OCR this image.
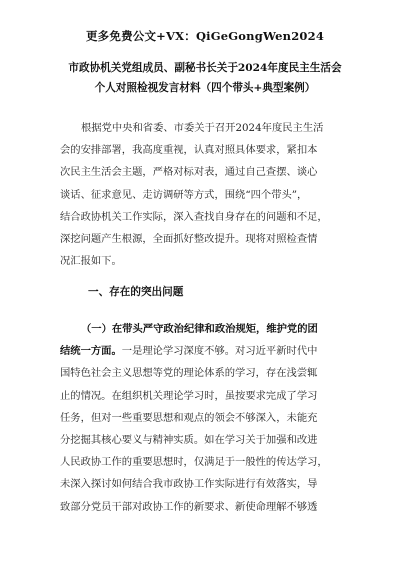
更多免费公文+VX：QiGeGongWen2024
市政协机关党组成员、副秘书长关于2024年度民主生活会
个人对照检视发言材料（四个带头+典型案例）
根据党中央和省委、市委关于召开2024年度民主生活
会的安排部署，我高度重视，认真对照具体要求，紧扣本
次民主生活会主题，严格对标对表，通过自己查摆、谈心
谈话、征求意见、走访调研等方式，围绕“四个带头”，
结合政协机关工作实际，深入查找自身存在的问题和不足，
深挖问题产生根源，全面抓好整改提升。现将对照检查情
况汇报如下。
一、存在的突出问题
（一）在带头严守政治纪律和政治规矩，维护党的团
结统一方面。一是理论学习深度不够。对习近平新时代中
国特色社会主义思想等党的理论体系的学习，存在浅尝辄
止的情况。在组织机关理论学习时，虽按要求完成了学习
任务，但对一些重要思想和观点的领会不够深入，未能充
分挖掘其核心要义与精神实质。如在学习关于加强和改进
人民政协工作的重要思想时，仅满足于一般性的传达学习，
未深入探讨如何结合我市政协工作实际进行有效落实，导
致部分党员干部对政协工作的新要求、新使命理解不够透
